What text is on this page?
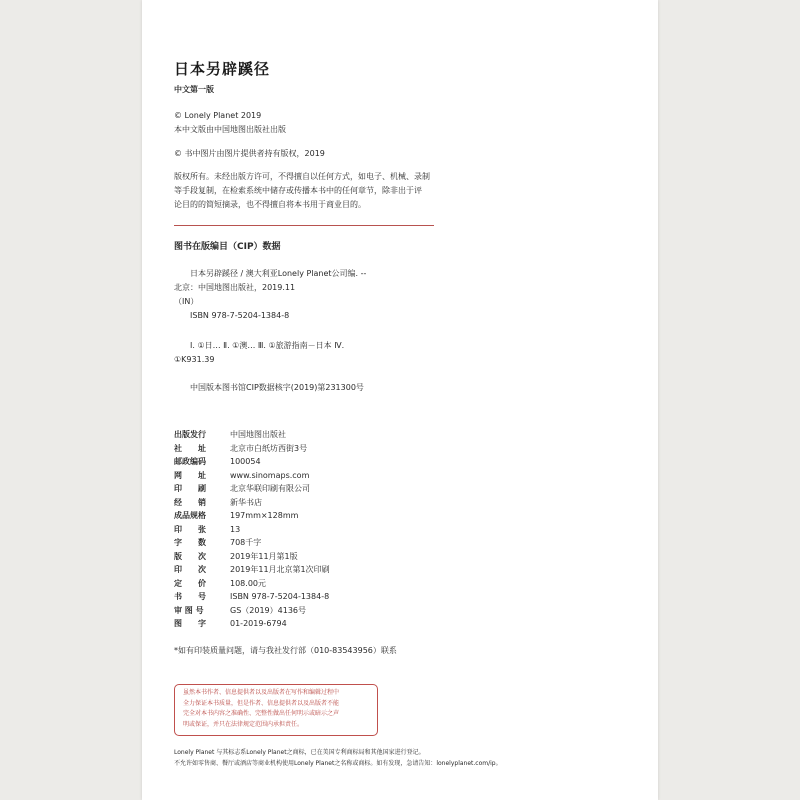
日本另辟蹊径
中文第一版
© Lonely Planet 2019
本中文版由中国地图出版社出版
© 书中图片由图片提供者持有版权，2019
版权所有。未经出版方许可，不得擅自以任何方式，如电子、机械、录制
等手段复制，在检索系统中储存或传播本书中的任何章节，除非出于评
论目的的简短摘录，也不得擅自将本书用于商业目的。
图书在版编目（CIP）数据
日本另辟蹊径 / 澳大利亚Lonely Planet公司编. --
北京：中国地图出版社，2019.11
（IN）
ISBN 978-7-5204-1384-8
Ⅰ. ①日… Ⅱ. ①澳… Ⅲ. ①旅游指南－日本 Ⅳ.
①K931.39
中国版本图书馆CIP数据核字(2019)第231300号
出版发行	中国地图出版社
社　　址	北京市白纸坊西街3号
邮政编码	100054
网　　址	www.sinomaps.com
印　　刷	北京华联印刷有限公司
经　　销	新华书店
成品规格	197mm×128mm
印　　张	13
字　　数	708千字
版　　次	2019年11月第1版
印　　次	2019年11月北京第1次印刷
定　　价	108.00元
书　　号	ISBN 978-7-5204-1384-8
审 图 号	GS（2019）4136号
图　　字	01-2019-6794
*如有印装质量问题，请与我社发行部（010-83543956）联系
虽然本书作者、信息提供者以及出版者在写作和编辑过程中
全力保证本书质量，但是作者、信息提供者以及出版者不能
完全对本书内容之准确性、完整性做出任何明示或暗示之声
明或保证，并只在法律规定范围内承担责任。
Lonely Planet 与其标志系Lonely Planet之商标，已在美国专利商标局和其他国家进行登记。
不允许如零售商、餐厅或酒店等商业机构使用Lonely Planet之名称或商标。如有发现，急请告知：lonelyplanet.com/ip。
